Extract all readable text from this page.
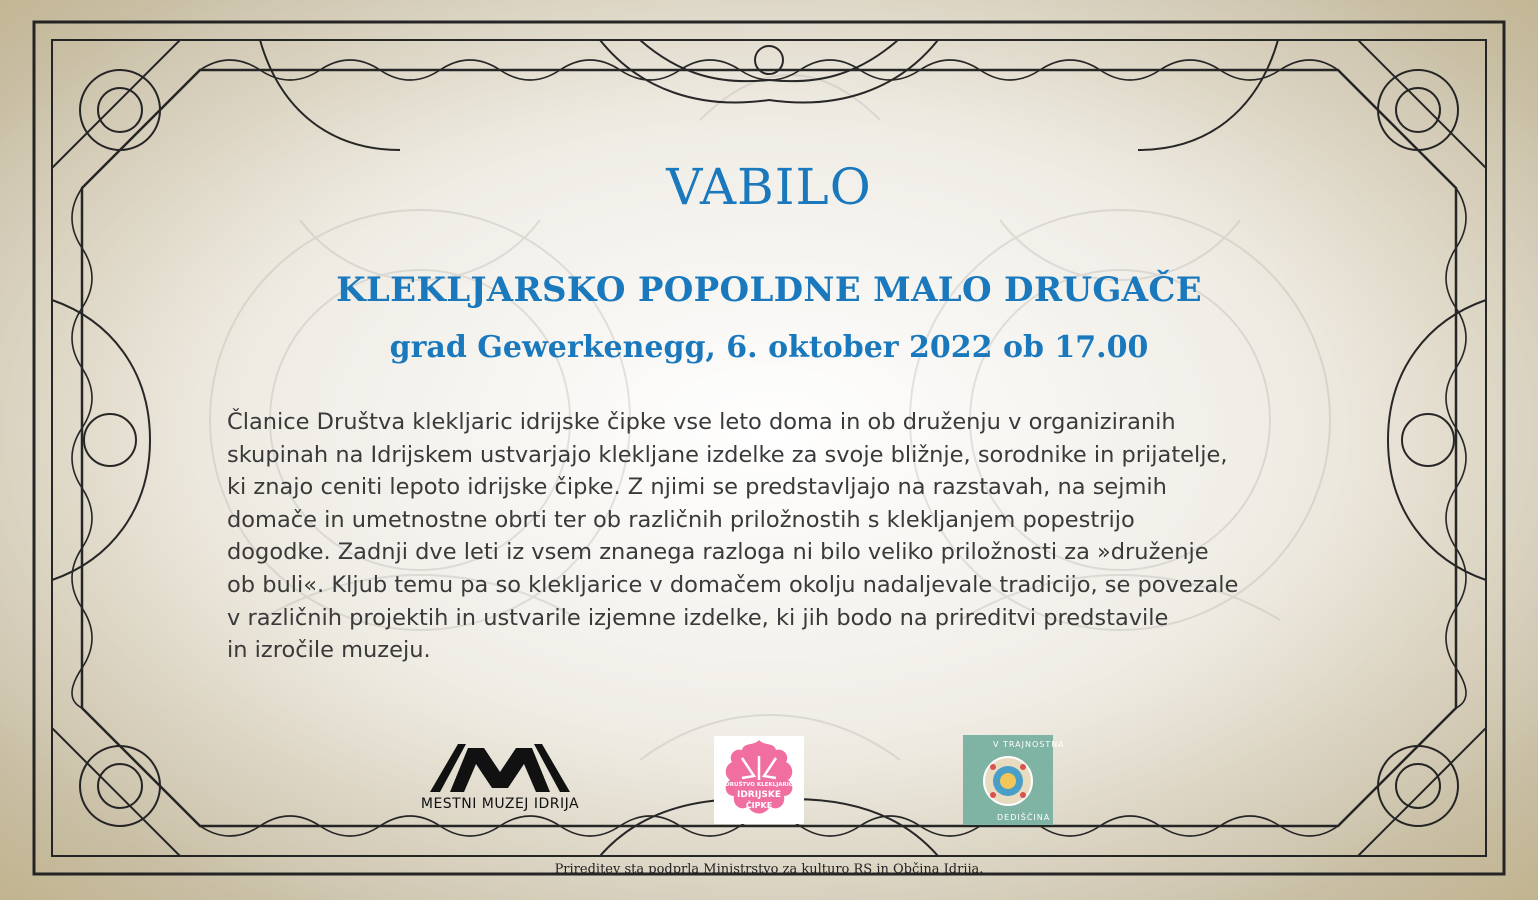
VABILO
KLEKLJARSKO POPOLDNE MALO DRUGAČE
grad Gewerkenegg, 6. oktober 2022 ob 17.00

Članice Društva klekljaric idrijske čipke vse leto doma in ob druženju v organiziranih
skupinah na Idrijskem ustvarjajo klekljane izdelke za svoje bližnje, sorodnike in prijatelje,
ki znajo ceniti lepoto idrijske čipke. Z njimi se predstavljajo na razstavah, na sejmih
domače in umetnostne obrti ter ob različnih priložnostih s klekljanjem popestrijo
dogodke. Zadnji dve leti iz vsem znanega razloga ni bilo veliko priložnosti za »druženje
ob buli«. Kljub temu pa so klekljarice v domačem okolju nadaljevale tradicijo, se povezale
v različnih projektih in ustvarile izjemne izdelke, ki jih bodo na prireditvi predstavile
in izročile muzeju.

MESTNI MUZEJ IDRIJA
DRUŠTVO KLEKLJARIC
IDRIJSKE
ČIPKE
V TRAJNOSTNA
DEDIŠČINA

Prireditev sta podprla Ministrstvo za kulturo RS in Občina Idrija.
